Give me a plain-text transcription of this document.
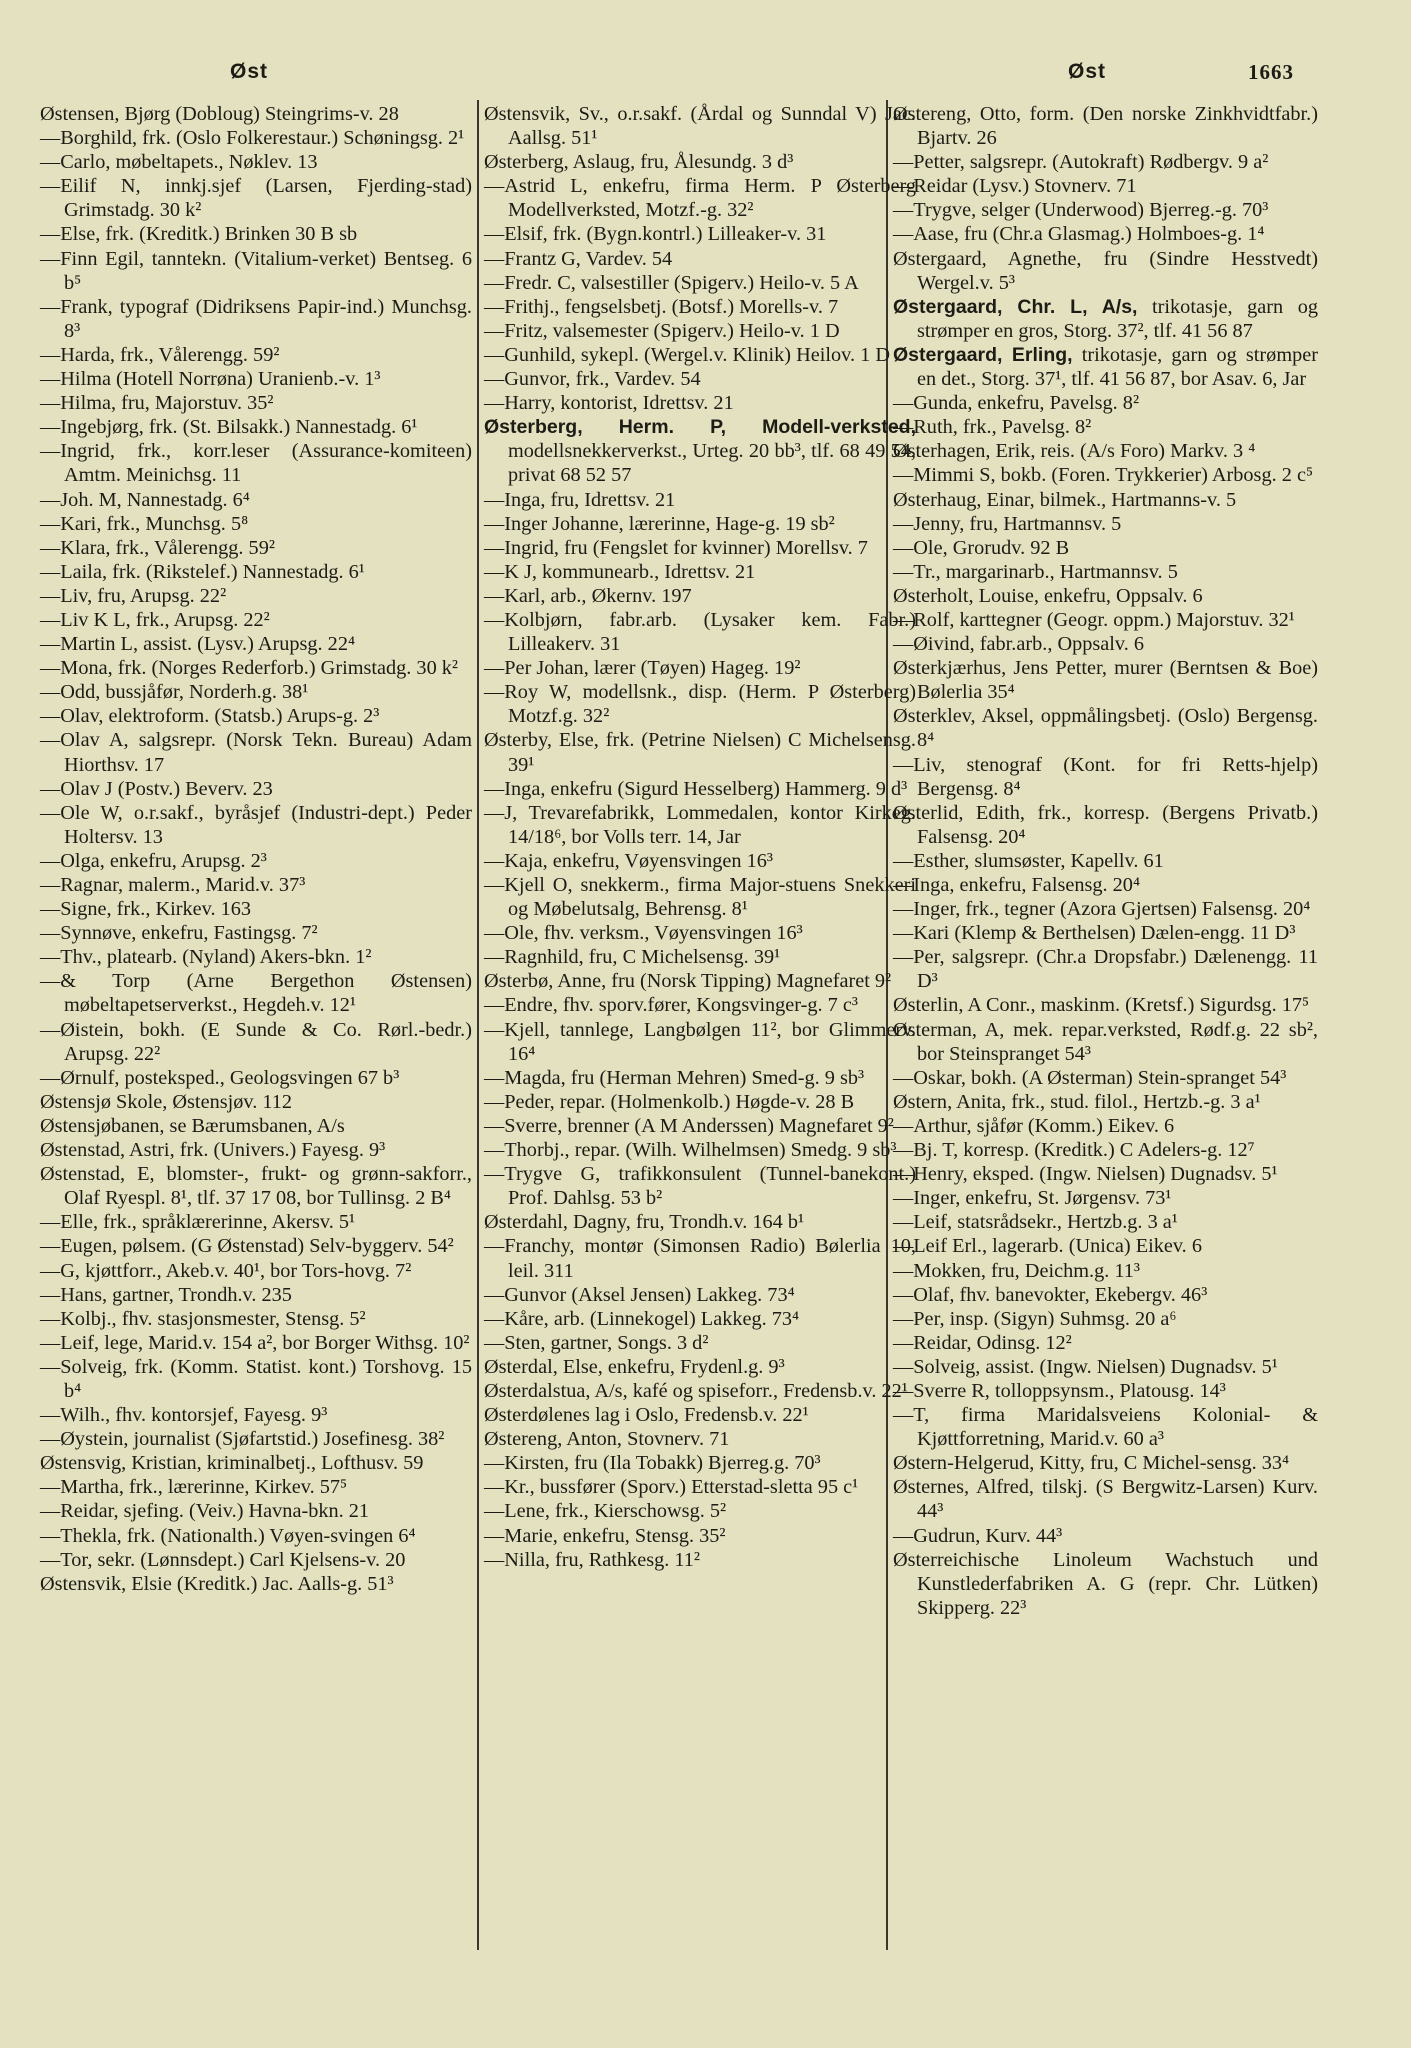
Øst	Øst	1663
Østensen, Bjørg (Dobloug) Steingrims-v. 28
—Borghild, frk. (Oslo Folkerestaur.) Schøningsg. 2¹
—Carlo, møbeltapets., Nøklev. 13
—Eilif N, innkj.sjef (Larsen, Fjerding-stad) Grimstadg. 30 k²
—Else, frk. (Kreditk.) Brinken 30 B sb
—Finn Egil, tanntekn. (Vitalium-verket) Bentseg. 6 b⁵
—Frank, typograf (Didriksens Papir-ind.) Munchsg. 8³
—Harda, frk., Vålerengg. 59²
—Hilma (Hotell Norrøna) Uranienb.-v. 1³
—Hilma, fru, Majorstuv. 35²
—Ingebjørg, frk. (St. Bilsakk.) Nannestadg. 6¹
—Ingrid, frk., korr.leser (Assurance-komiteen) Amtm. Meinichsg. 11
—Joh. M, Nannestadg. 6⁴
—Kari, frk., Munchsg. 5⁸
—Klara, frk., Vålerengg. 59²
—Laila, frk. (Rikstelef.) Nannestadg. 6¹
—Liv, fru, Arupsg. 22²
—Liv K L, frk., Arupsg. 22²
—Martin L, assist. (Lysv.) Arupsg. 22⁴
—Mona, frk. (Norges Rederforb.) Grimstadg. 30 k²
—Odd, bussjåfør, Norderh.g. 38¹
—Olav, elektroform. (Statsb.) Arups-g. 2³
—Olav A, salgsrepr. (Norsk Tekn. Bureau) Adam Hiorthsv. 17
—Olav J (Postv.) Beverv. 23
—Ole W, o.r.sakf., byråsjef (Industri-dept.) Peder Holtersv. 13
—Olga, enkefru, Arupsg. 2³
—Ragnar, malerm., Marid.v. 37³
—Signe, frk., Kirkev. 163
—Synnøve, enkefru, Fastingsg. 7²
—Thv., platearb. (Nyland) Akers-bkn. 1²
—& Torp (Arne Bergethon Østensen) møbeltapetserverkst., Hegdeh.v. 12¹
—Øistein, bokh. (E Sunde & Co. Rørl.-bedr.) Arupsg. 22²
—Ørnulf, posteksped., Geologsvingen 67 b³
Østensjø Skole, Østensjøv. 112
Østensjøbanen, se Bærumsbanen, A/s
Østenstad, Astri, frk. (Univers.) Fayesg. 9³
Østenstad, E, blomster-, frukt- og grønn-sakforr., Olaf Ryespl. 8¹, tlf. 37 17 08, bor Tullinsg. 2 B⁴
—Elle, frk., språklærerinne, Akersv. 5¹
—Eugen, pølsem. (G Østenstad) Selv-byggerv. 54²
—G, kjøttforr., Akeb.v. 40¹, bor Tors-hovg. 7²
—Hans, gartner, Trondh.v. 235
—Kolbj., fhv. stasjonsmester, Stensg. 5²
—Leif, lege, Marid.v. 154 a², bor Borger Withsg. 10²
—Solveig, frk. (Komm. Statist. kont.) Torshovg. 15 b⁴
—Wilh., fhv. kontorsjef, Fayesg. 9³
—Øystein, journalist (Sjøfartstid.) Josefinesg. 38²
Østensvig, Kristian, kriminalbetj., Lofthusv. 59
—Martha, frk., lærerinne, Kirkev. 57⁵
—Reidar, sjefing. (Veiv.) Havna-bkn. 21
—Thekla, frk. (Nationalth.) Vøyen-svingen 6⁴
—Tor, sekr. (Lønnsdept.) Carl Kjelsens-v. 20
Østensvik, Elsie (Kreditk.) Jac. Aalls-g. 51³
Østensvik, Sv., o.r.sakf. (Årdal og Sunndal V) Jac. Aallsg. 51¹
Østerberg, Aslaug, fru, Ålesundg. 3 d³
—Astrid L, enkefru, firma Herm. P Østerberg Modellverksted, Motzf.-g. 32²
—Elsif, frk. (Bygn.kontrl.) Lilleaker-v. 31
—Frantz G, Vardev. 54
—Fredr. C, valsestiller (Spigerv.) Heilo-v. 5 A
—Frithj., fengselsbetj. (Botsf.) Morells-v. 7
—Fritz, valsemester (Spigerv.) Heilo-v. 1 D
—Gunhild, sykepl. (Wergel.v. Klinik) Heilov. 1 D
—Gunvor, frk., Vardev. 54
—Harry, kontorist, Idrettsv. 21
Østerberg, Herm. P, Modell-verksted, modellsnekkerverkst., Urteg. 20 bb³, tlf. 68 49 54, privat 68 52 57
—Inga, fru, Idrettsv. 21
—Inger Johanne, lærerinne, Hage-g. 19 sb²
—Ingrid, fru (Fengslet for kvinner) Morellsv. 7
—K J, kommunearb., Idrettsv. 21
—Karl, arb., Økernv. 197
—Kolbjørn, fabr.arb. (Lysaker kem. Fabr.) Lilleakerv. 31
—Per Johan, lærer (Tøyen) Hageg. 19²
—Roy W, modellsnk., disp. (Herm. P Østerberg) Motzf.g. 32²
Østerby, Else, frk. (Petrine Nielsen) C Michelsensg. 39¹
—Inga, enkefru (Sigurd Hesselberg) Hammerg. 9 d³
—J, Trevarefabrikk, Lommedalen, kontor Kirkeg. 14/18⁶, bor Volls terr. 14, Jar
—Kaja, enkefru, Vøyensvingen 16³
—Kjell O, snekkerm., firma Major-stuens Snekkeri og Møbelutsalg, Behrensg. 8¹
—Ole, fhv. verksm., Vøyensvingen 16³
—Ragnhild, fru, C Michelsensg. 39¹
Østerbø, Anne, fru (Norsk Tipping) Magnefaret 9²
—Endre, fhv. sporv.fører, Kongsvinger-g. 7 c³
—Kjell, tannlege, Langbølgen 11², bor Glimmerv. 16⁴
—Magda, fru (Herman Mehren) Smed-g. 9 sb³
—Peder, repar. (Holmenkolb.) Høgde-v. 28 B
—Sverre, brenner (A M Anderssen) Magnefaret 9²
—Thorbj., repar. (Wilh. Wilhelmsen) Smedg. 9 sb³
—Trygve G, trafikkonsulent (Tunnel-banekont.) Prof. Dahlsg. 53 b²
Østerdahl, Dagny, fru, Trondh.v. 164 b¹
—Franchy, montør (Simonsen Radio) Bølerlia 10, leil. 311
—Gunvor (Aksel Jensen) Lakkeg. 73⁴
—Kåre, arb. (Linnekogel) Lakkeg. 73⁴
—Sten, gartner, Songs. 3 d²
Østerdal, Else, enkefru, Frydenl.g. 9³
Østerdalstua, A/s, kafé og spiseforr., Fredensb.v. 22¹
Østerdølenes lag i Oslo, Fredensb.v. 22¹
Østereng, Anton, Stovnerv. 71
—Kirsten, fru (Ila Tobakk) Bjerreg.g. 70³
—Kr., bussfører (Sporv.) Etterstad-sletta 95 c¹
—Lene, frk., Kierschowsg. 5²
—Marie, enkefru, Stensg. 35²
—Nilla, fru, Rathkesg. 11²
Østereng, Otto, form. (Den norske Zinkhvidtfabr.) Bjartv. 26
—Petter, salgsrepr. (Autokraft) Rødbergv. 9 a²
—Reidar (Lysv.) Stovnerv. 71
—Trygve, selger (Underwood) Bjerreg.-g. 70³
—Aase, fru (Chr.a Glasmag.) Holmboes-g. 1⁴
Østergaard, Agnethe, fru (Sindre Hesstvedt) Wergel.v. 5³
Østergaard, Chr. L, A/s, trikotasje, garn og strømper en gros, Storg. 37², tlf. 41 56 87
Østergaard, Erling, trikotasje, garn og strømper en det., Storg. 37¹, tlf. 41 56 87, bor Asav. 6, Jar
—Gunda, enkefru, Pavelsg. 8²
—Ruth, frk., Pavelsg. 8²
Østerhagen, Erik, reis. (A/s Foro) Markv. 3 ⁴
—Mimmi S, bokb. (Foren. Trykkerier) Arbosg. 2 c⁵
Østerhaug, Einar, bilmek., Hartmanns-v. 5
—Jenny, fru, Hartmannsv. 5
—Ole, Grorudv. 92 B
—Tr., margarinarb., Hartmannsv. 5
Østerholt, Louise, enkefru, Oppsalv. 6
—Rolf, karttegner (Geogr. oppm.) Majorstuv. 32¹
—Øivind, fabr.arb., Oppsalv. 6
Østerkjærhus, Jens Petter, murer (Berntsen & Boe) Bølerlia 35⁴
Østerklev, Aksel, oppmålingsbetj. (Oslo) Bergensg. 8⁴
—Liv, stenograf (Kont. for fri Retts-hjelp) Bergensg. 8⁴
Østerlid, Edith, frk., korresp. (Bergens Privatb.) Falsensg. 20⁴
—Esther, slumsøster, Kapellv. 61
—Inga, enkefru, Falsensg. 20⁴
—Inger, frk., tegner (Azora Gjertsen) Falsensg. 20⁴
—Kari (Klemp & Berthelsen) Dælen-engg. 11 D³
—Per, salgsrepr. (Chr.a Dropsfabr.) Dælenengg. 11 D³
Østerlin, A Conr., maskinm. (Kretsf.) Sigurdsg. 17⁵
Østerman, A, mek. repar.verksted, Rødf.g. 22 sb², bor Steinspranget 54³
—Oskar, bokh. (A Østerman) Stein-spranget 54³
Østern, Anita, frk., stud. filol., Hertzb.-g. 3 a¹
—Arthur, sjåfør (Komm.) Eikev. 6
—Bj. T, korresp. (Kreditk.) C Adelers-g. 12⁷
—Henry, eksped. (Ingw. Nielsen) Dugnadsv. 5¹
—Inger, enkefru, St. Jørgensv. 73¹
—Leif, statsrådsekr., Hertzb.g. 3 a¹
—Leif Erl., lagerarb. (Unica) Eikev. 6
—Mokken, fru, Deichm.g. 11³
—Olaf, fhv. banevokter, Ekebergv. 46³
—Per, insp. (Sigyn) Suhmsg. 20 a⁶
—Reidar, Odinsg. 12²
—Solveig, assist. (Ingw. Nielsen) Dugnadsv. 5¹
—Sverre R, tolloppsynsm., Platousg. 14³
—T, firma Maridalsveiens Kolonial- & Kjøttforretning, Marid.v. 60 a³
Østern-Helgerud, Kitty, fru, C Michel-sensg. 33⁴
Østernes, Alfred, tilskj. (S Bergwitz-Larsen) Kurv. 44³
—Gudrun, Kurv. 44³
Østerreichische Linoleum Wachstuch und Kunstlederfabriken A. G (repr. Chr. Lütken) Skipperg. 22³
